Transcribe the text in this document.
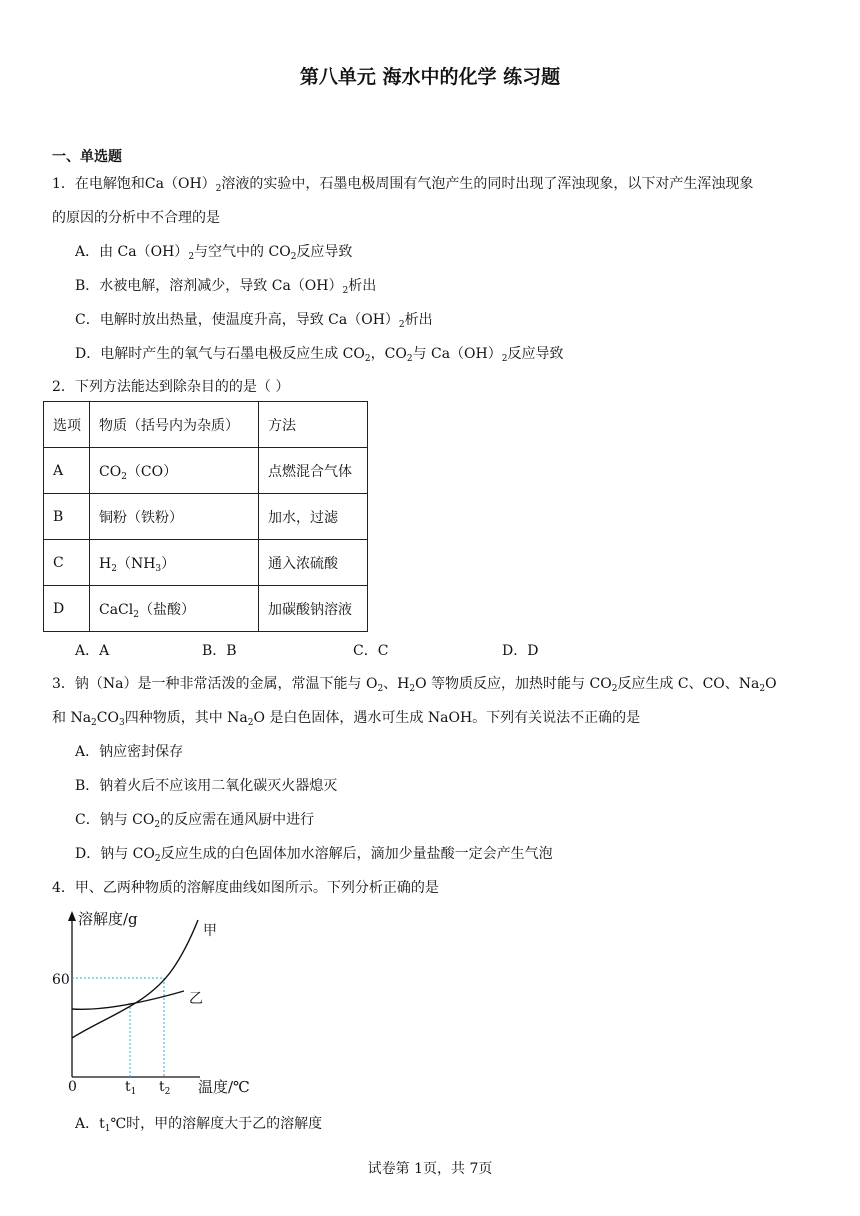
第八单元 海水中的化学 练习题
一、单选题
1．在电解饱和$Ca(OH)_2$溶液的实验中，石墨电极周围有气泡产生的同时出现了浑浊现象，以下对产生浑浊现象
的原因的分析中不合理的是
A．由 $Ca(OH)_2$与空气中的 $CO_2$反应导致
B．水被电解，溶剂减少，导致 $Ca(OH)_2$析出
C．电解时放出热量，使温度升高，导致 $Ca(OH)_2$析出
D．电解时产生的氧气与石墨电极反应生成 $CO_2$，$CO_2$与 $Ca(OH)_2$反应导致
2．下列方法能达到除杂目的的是（ ）
选项	物质（括号内为杂质）	方法
A	$CO_2(CO)$	点燃混合气体
B	铜粉（铁粉）	加水，过滤
C	$H_2(NH_3)$	通入浓硫酸
D	CaCl$_2$（盐酸）	加碳酸钠溶液
A．A	B．B	C．C	D．D
3．钠（Na）是一种非常活泼的金属，常温下能与 $O_2$、$H_2O$ 等物质反应，加热时能与 $CO_2$反应生成 C、CO、$Na_2O$
和 $Na_2CO_3$四种物质，其中 $Na_2O$ 是白色固体，遇水可生成 NaOH。下列有关说法不正确的是
A．钠应密封保存
B．钠着火后不应该用二氧化碳灭火器熄灭
C．钠与 $CO_2$的反应需在通风厨中进行
D．钠与 $CO_2$反应生成的白色固体加水溶解后，滴加少量盐酸一定会产生气泡
4．甲、乙两种物质的溶解度曲线如图所示。下列分析正确的是
溶解度/g
甲
乙
60
0	$t_1$ $t_2$ 温度/℃
A．$t_1℃$时，甲的溶解度大于乙的溶解度
试卷第 1页，共 7页
